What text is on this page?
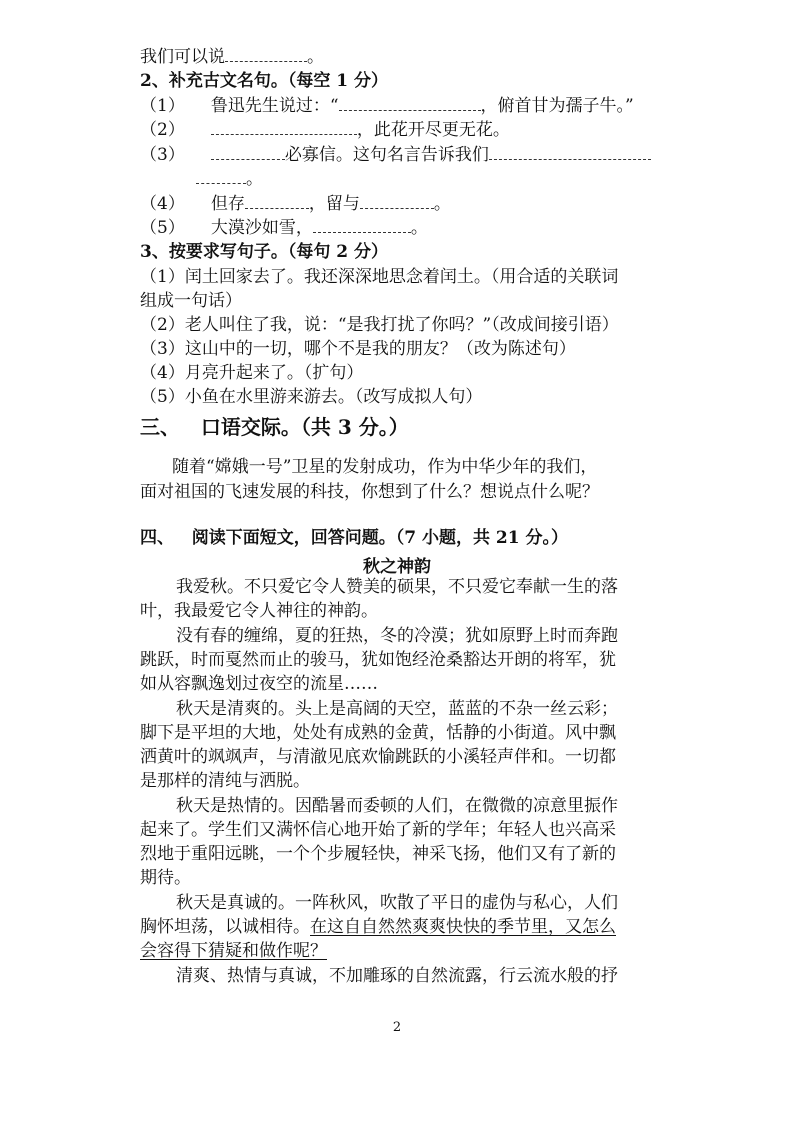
我们可以说	。
2、补充古文名句。（每空 1 分）
（1） 鲁迅先生说过：“	，俯首甘为孺子牛。”
（2）	，此花开尽更无花。
（3）	必寡信。这句名言告诉我们
。
（4） 但存	，留与	。
（5） 大漠沙如雪，	。
3、按要求写句子。（每句 2 分）
（1）闰土回家去了。我还深深地思念着闰土。（用合适的关联词
组成一句话）
（2）老人叫住了我，说：“是我打扰了你吗？”（改成间接引语）
（3）这山中的一切，哪个不是我的朋友？（改为陈述句）
（4）月亮升起来了。（扩句）
（5）小鱼在水里游来游去。（改写成拟人句）
三、   口语交际。（共 3 分。）
随着“嫦娥一号”卫星的发射成功，作为中华少年的我们，
面对祖国的飞速发展的科技，你想到了什么？想说点什么呢？
四、   阅读下面短文，回答问题。（7 小题，共 21 分。）
秋之神韵
我爱秋。不只爱它令人赞美的硕果，不只爱它奉献一生的落
叶，我最爱它令人神往的神韵。
没有春的缠绵，夏的狂热，冬的冷漠；犹如原野上时而奔跑
跳跃，时而戛然而止的骏马，犹如饱经沧桑豁达开朗的将军，犹
如从容飘逸划过夜空的流星……
秋天是清爽的。头上是高阔的天空，蓝蓝的不杂一丝云彩；
脚下是平坦的大地，处处有成熟的金黄，恬静的小街道。风中飘
洒黄叶的飒飒声，与清澈见底欢愉跳跃的小溪轻声伴和。一切都
是那样的清纯与洒脱。
秋天是热情的。因酷暑而委顿的人们，在微微的凉意里振作
起来了。学生们又满怀信心地开始了新的学年；年轻人也兴高采
烈地于重阳远眺，一个个步履轻快，神采飞扬，他们又有了新的
期待。
秋天是真诚的。一阵秋风，吹散了平日的虚伪与私心，人们
胸怀坦荡，以诚相待。在这自自然然爽爽快快的季节里，又怎么
会容得下猜疑和做作呢？
清爽、热情与真诚，不加雕琢的自然流露，行云流水般的抒
2
